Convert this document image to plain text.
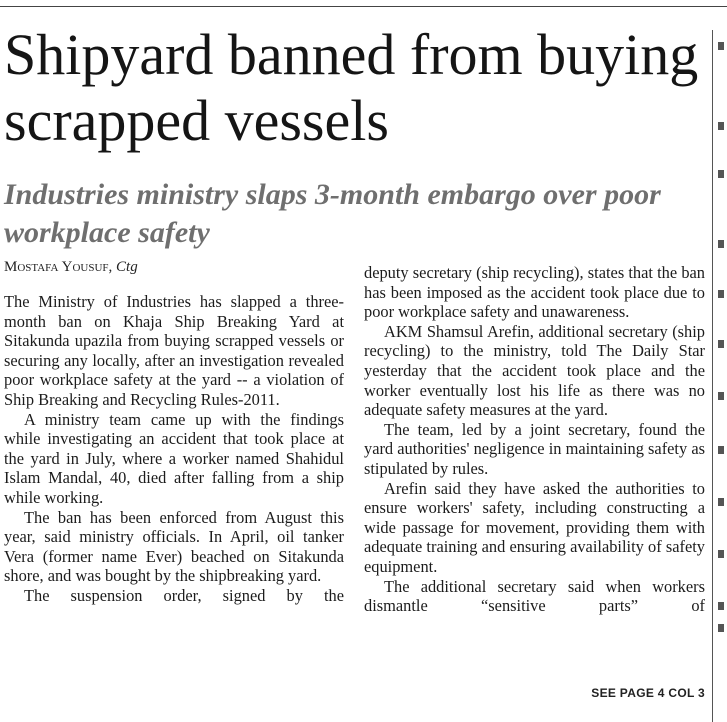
Shipyard banned from buying scrapped vessels
Industries ministry slaps 3-month embargo over poor workplace safety
Mostafa Yousuf, Ctg

The Ministry of Industries has slapped a three-month ban on Khaja Ship Breaking Yard at Sitakunda upazila from buying scrapped vessels or securing any locally, after an investigation revealed poor workplace safety at the yard -- a violation of Ship Breaking and Recycling Rules-2011.

A ministry team came up with the findings while investigating an accident that took place at the yard in July, where a worker named Shahidul Islam Mandal, 40, died after falling from a ship while working.

The ban has been enforced from August this year, said ministry officials. In April, oil tanker Vera (former name Ever) beached on Sitakunda shore, and was bought by the shipbreaking yard.

The suspension order, signed by the

deputy secretary (ship recycling), states that the ban has been imposed as the accident took place due to poor workplace safety and unawareness.

AKM Shamsul Arefin, additional secretary (ship recycling) to the ministry, told The Daily Star yesterday that the accident took place and the worker eventually lost his life as there was no adequate safety measures at the yard.

The team, led by a joint secretary, found the yard authorities' negligence in maintaining safety as stipulated by rules.

Arefin said they have asked the authorities to ensure workers' safety, including constructing a wide passage for movement, providing them with adequate training and ensuring availability of safety equipment.

The additional secretary said when workers dismantle “sensitive parts” of

SEE PAGE 4 COL 3
